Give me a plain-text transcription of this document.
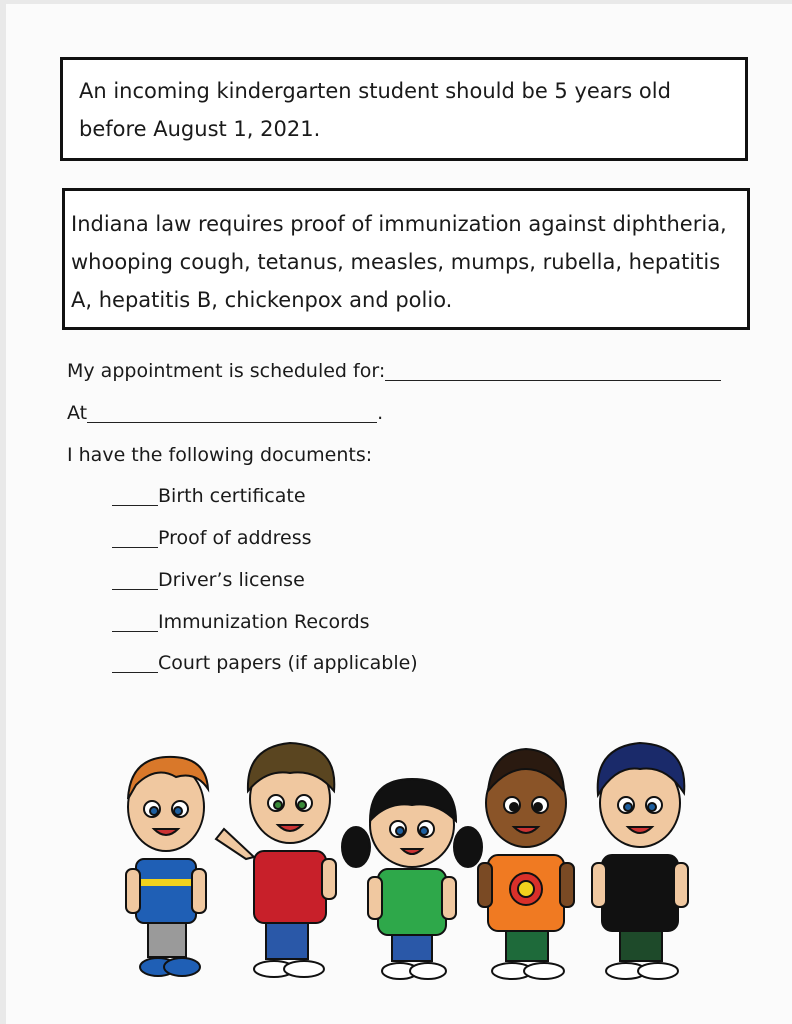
An incoming kindergarten student should be 5 years old

before August 1, 2021.

Indiana law requires proof of immunization against diphtheria,

whooping cough, tetanus, measles, mumps, rubella, hepatitis

A, hepatitis B, chickenpox and polio.

My appointment is scheduled for:
At	.
I have the following documents:
Birth certificate
Proof of address
Driver’s license
Immunization Records
Court papers (if applicable)
